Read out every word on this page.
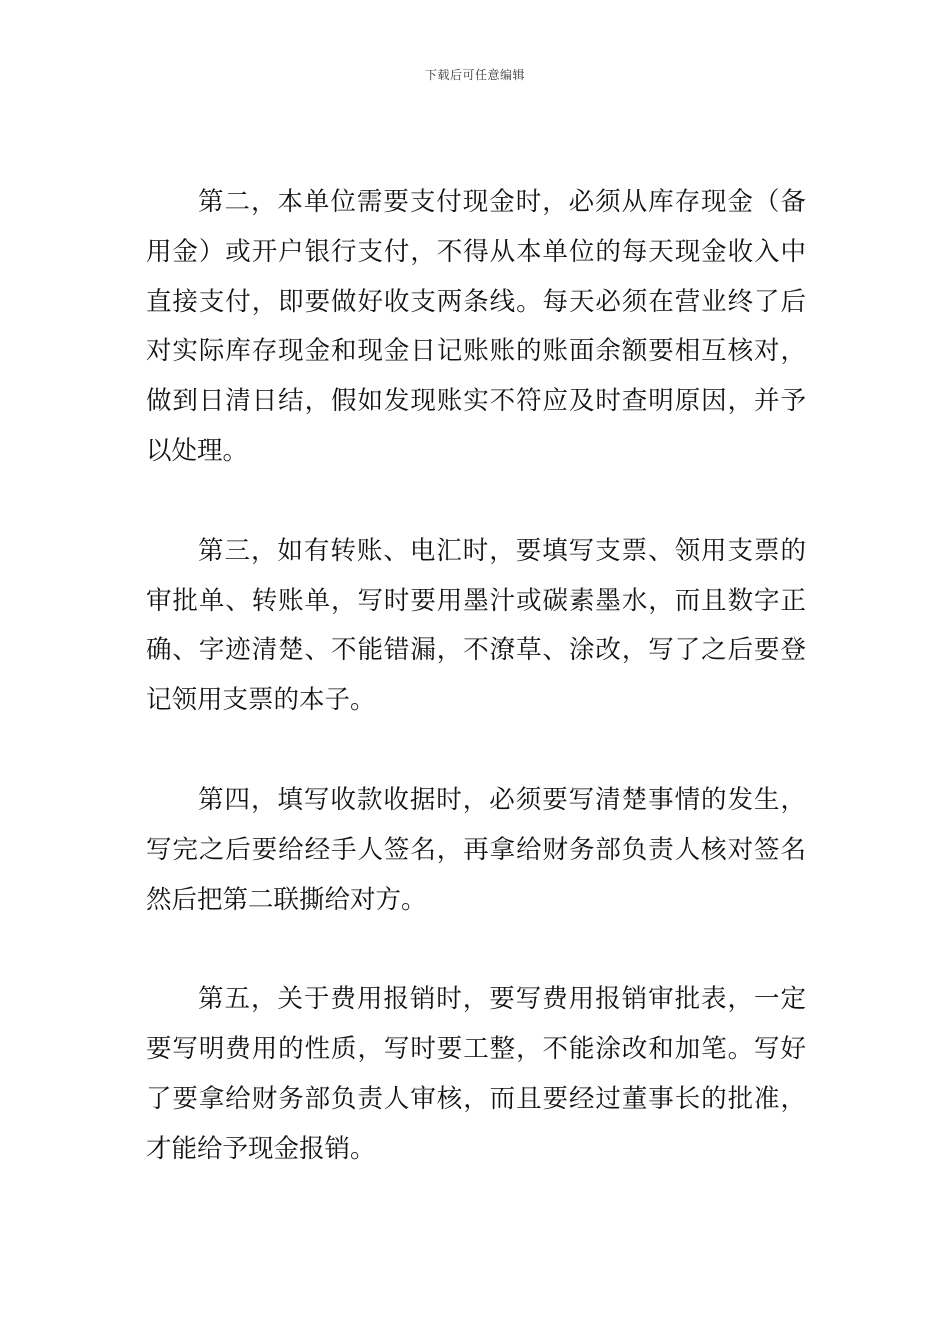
下载后可任意编辑

第二，本单位需要支付现金时，必须从库存现金（备用金）或开户银行支付，不得从本单位的每天现金收入中直接支付，即要做好收支两条线。每天必须在营业终了后对实际库存现金和现金日记账账的账面余额要相互核对，做到日清日结，假如发现账实不符应及时查明原因，并予以处理。

第三，如有转账、电汇时，要填写支票、领用支票的审批单、转账单，写时要用墨汁或碳素墨水，而且数字正确、字迹清楚、不能错漏，不潦草、涂改，写了之后要登记领用支票的本子。

第四，填写收款收据时，必须要写清楚事情的发生，写完之后要给经手人签名，再拿给财务部负责人核对签名然后把第二联撕给对方。

第五，关于费用报销时，要写费用报销审批表，一定要写明费用的性质，写时要工整，不能涂改和加笔。写好了要拿给财务部负责人审核，而且要经过董事长的批准，才能给予现金报销。
